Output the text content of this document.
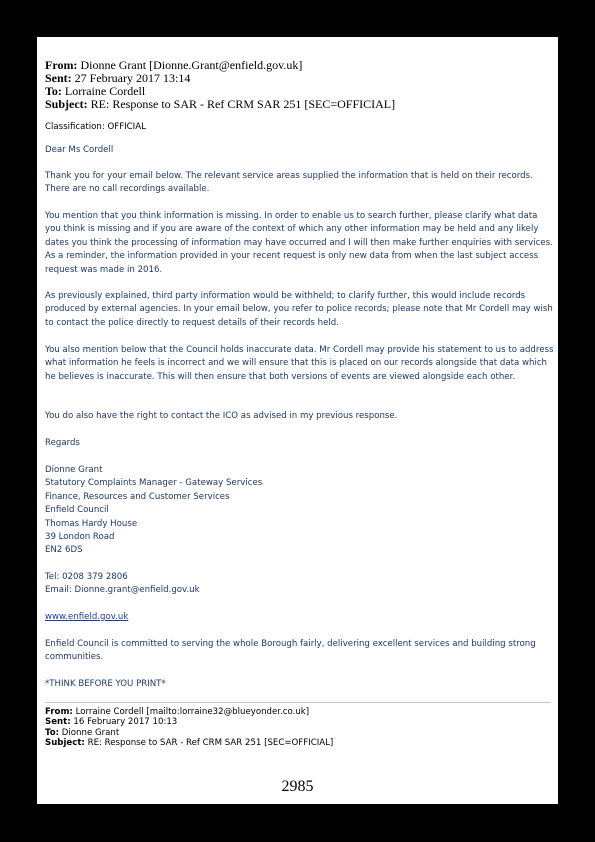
From: Dionne Grant [Dionne.Grant@enfield.gov.uk]
Sent: 27 February 2017 13:14
To: Lorraine Cordell
Subject: RE: Response to SAR - Ref CRM SAR 251 [SEC=OFFICIAL]
Classification: OFFICIAL
Dear Ms Cordell
Thank you for your email below. The relevant service areas supplied the information that is held on their records. There are no call recordings available.
You mention that you think information is missing. In order to enable us to search further, please clarify what data you think is missing and if you are aware of the context of which any other information may be held and any likely dates you think the processing of information may have occurred and I will then make further enquiries with services. As a reminder, the information provided in your recent request is only new data from when the last subject access request was made in 2016.
As previously explained, third party information would be withheld; to clarify further, this would include records produced by external agencies. In your email below, you refer to police records; please note that Mr Cordell may wish to contact the police directly to request details of their records held.
You also mention below that the Council holds inaccurate data. Mr Cordell may provide his statement to us to address what information he feels is incorrect and we will ensure that this is placed on our records alongside that data which he believes is inaccurate. This will then ensure that both versions of events are viewed alongside each other.
You do also have the right to contact the ICO as advised in my previous response.
Regards

Dionne Grant

Statutory Complaints Manager - Gateway Services

Finance, Resources and Customer Services

Enfield Council

Thomas Hardy House

39 London Road

EN2 6DS

Tel: 0208 379 2806
Email: Dionne.grant@enfield.gov.uk
www.enfield.gov.uk
Enfield Council is committed to serving the whole Borough fairly, delivering excellent services and building strong communities.
*THINK BEFORE YOU PRINT*
From: Lorraine Cordell [mailto:lorraine32@blueyonder.co.uk]
Sent: 16 February 2017 10:13
To: Dionne Grant
Subject: RE: Response to SAR - Ref CRM SAR 251 [SEC=OFFICIAL]
2985
